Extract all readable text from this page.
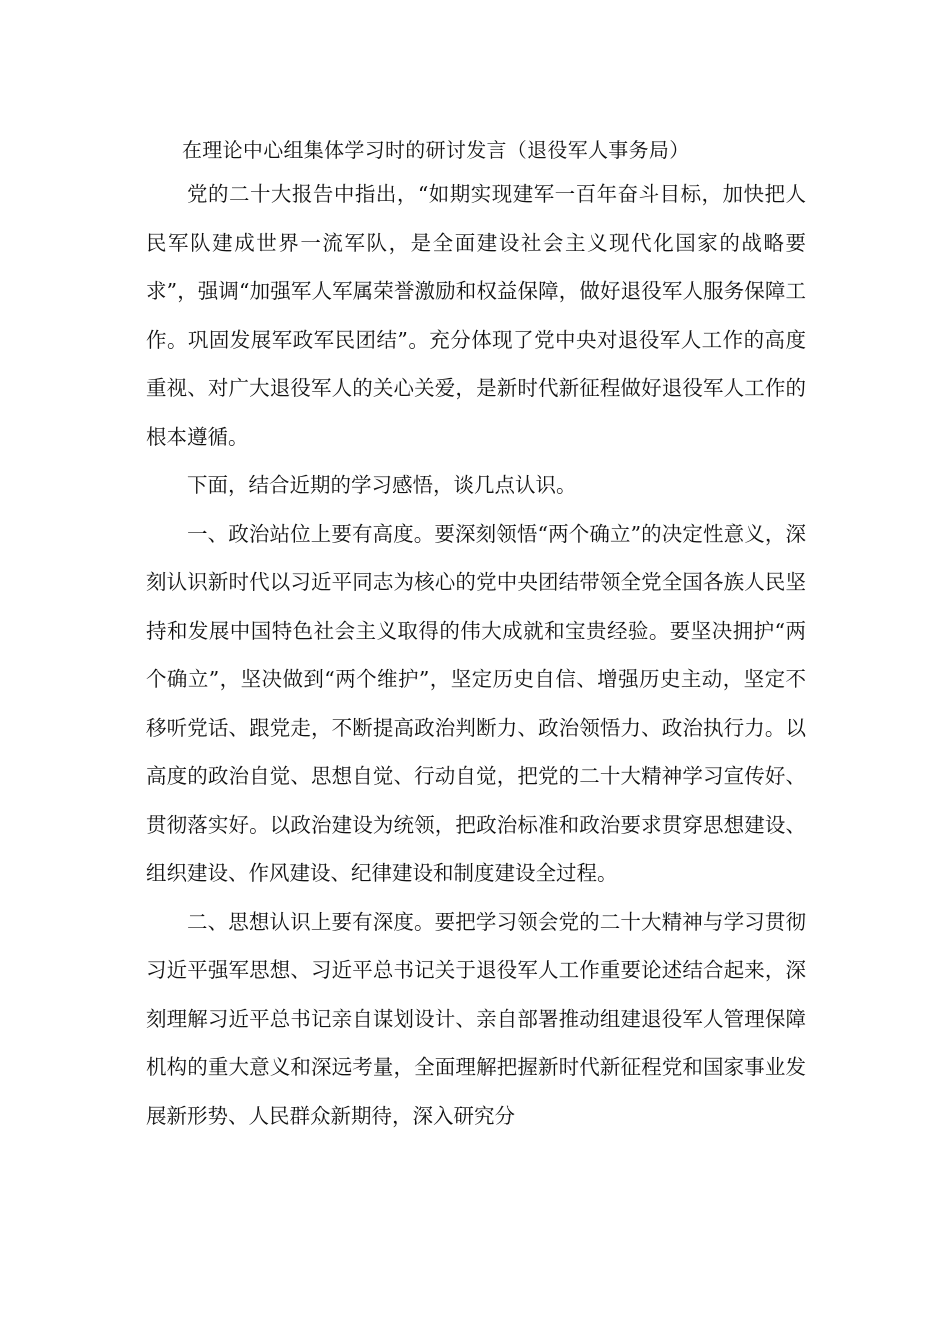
在理论中心组集体学习时的研讨发言（退役军人事务局）

党的二十大报告中指出，“如期实现建军一百年奋斗目标，加快把人民军队建成世界一流军队，是全面建设社会主义现代化国家的战略要求”，强调“加强军人军属荣誉激励和权益保障，做好退役军人服务保障工作。巩固发展军政军民团结”。充分体现了党中央对退役军人工作的高度重视、对广大退役军人的关心关爱，是新时代新征程做好退役军人工作的根本遵循。

下面，结合近期的学习感悟，谈几点认识。

一、政治站位上要有高度。要深刻领悟“两个确立”的决定性意义，深刻认识新时代以习近平同志为核心的党中央团结带领全党全国各族人民坚持和发展中国特色社会主义取得的伟大成就和宝贵经验。要坚决拥护“两个确立”，坚决做到“两个维护”，坚定历史自信、增强历史主动，坚定不移听党话、跟党走，不断提高政治判断力、政治领悟力、政治执行力。以高度的政治自觉、思想自觉、行动自觉，把党的二十大精神学习宣传好、贯彻落实好。以政治建设为统领，把政治标准和政治要求贯穿思想建设、组织建设、作风建设、纪律建设和制度建设全过程。

二、思想认识上要有深度。要把学习领会党的二十大精神与学习贯彻习近平强军思想、习近平总书记关于退役军人工作重要论述结合起来，深刻理解习近平总书记亲自谋划设计、亲自部署推动组建退役军人管理保障机构的重大意义和深远考量，全面理解把握新时代新征程党和国家事业发展新形势、人民群众新期待，深入研究分
